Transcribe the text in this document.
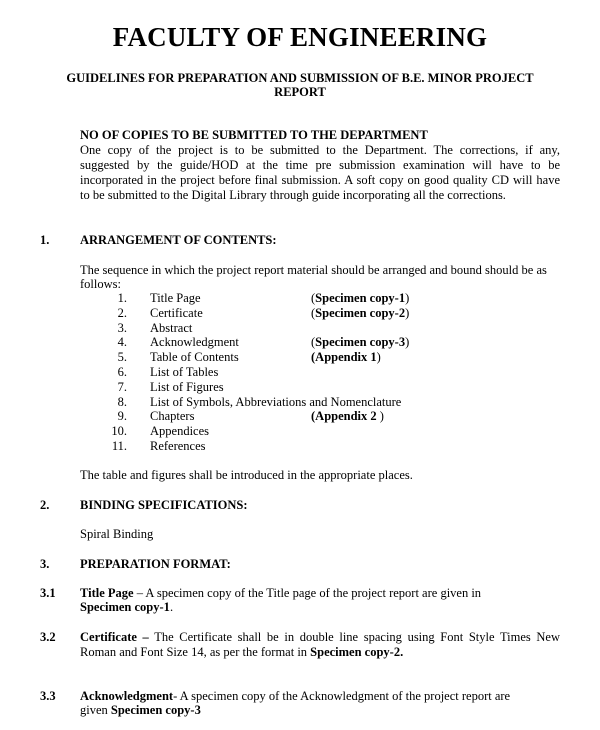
FACULTY OF ENGINEERING
GUIDELINES FOR PREPARATION AND SUBMISSION OF B.E. MINOR PROJECT
REPORT
NO OF COPIES TO BE SUBMITTED TO THE DEPARTMENT
One copy of the project is to be submitted to the Department. The corrections, if any,
suggested by the guide/HOD at the time pre submission examination will have to be
incorporated in the project before final submission. A soft copy on good quality CD will have
to be submitted to the Digital Library through guide incorporating all the corrections.
1. ARRANGEMENT OF CONTENTS:
The sequence in which the project report material should be arranged and bound should be as
follows:
1. Title Page	(Specimen copy-1)
2. Certificate	(Specimen copy-2)
3. Abstract
4. Acknowledgment	(Specimen copy-3)
5. Table of Contents	(Appendix 1)
6. List of Tables
7. List of Figures
8. List of Symbols, Abbreviations and Nomenclature
9. Chapters	(Appendix 2 )
10. Appendices
11. References
The table and figures shall be introduced in the appropriate places.
2. BINDING SPECIFICATIONS:
Spiral Binding
3. PREPARATION FORMAT:
3.1 Title Page – A specimen copy of the Title page of the project report are given in
Specimen copy-1.
3.2 Certificate – The Certificate shall be in double line spacing using Font Style Times New
Roman and Font Size 14, as per the format in Specimen copy-2.
3.3 Acknowledgment- A specimen copy of the Acknowledgment of the project report are
given Specimen copy-3
